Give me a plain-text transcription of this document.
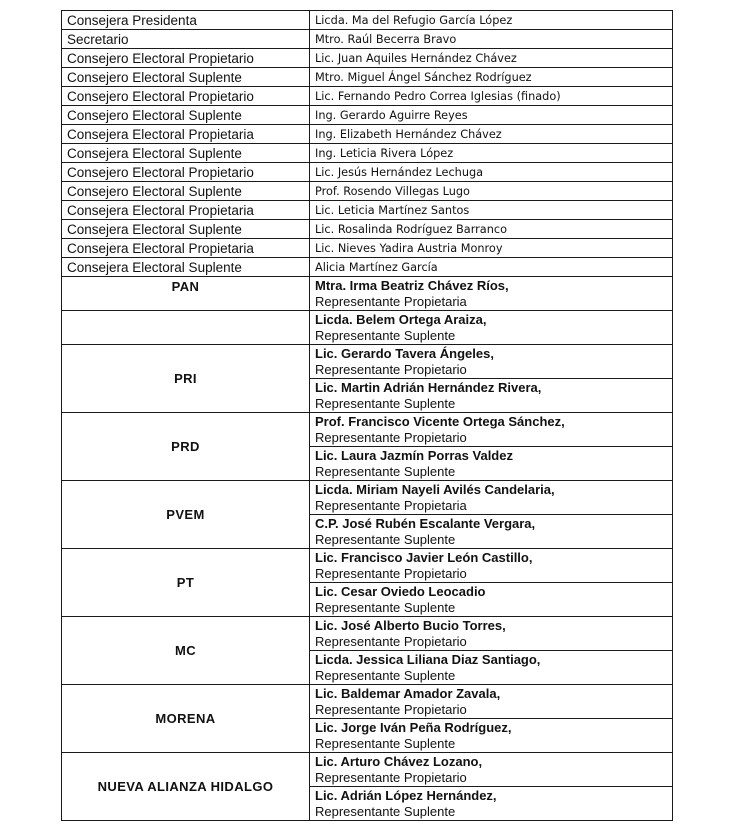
Consejera Presidenta	Licda. Ma del Refugio García López
Secretario	Mtro. Raúl Becerra Bravo
Consejero Electoral Propietario	Lic. Juan Aquiles Hernández Chávez
Consejero Electoral Suplente	Mtro. Miguel Ángel Sánchez Rodríguez
Consejero Electoral Propietario	Lic. Fernando Pedro Correa Iglesias (finado)
Consejero Electoral Suplente	Ing. Gerardo Aguirre Reyes
Consejera Electoral Propietaria	Ing. Elizabeth Hernández Chávez
Consejera Electoral Suplente	Ing. Leticia Rivera López
Consejero Electoral Propietario	Lic. Jesús Hernández Lechuga
Consejero Electoral Suplente	Prof. Rosendo Villegas Lugo
Consejera Electoral Propietaria	Lic. Leticia Martínez Santos
Consejera Electoral Suplente	Lic. Rosalinda Rodríguez Barranco
Consejera Electoral Propietaria	Lic. Nieves Yadira Austria Monroy
Consejera Electoral Suplente	Alicia Martínez García
PAN	Mtra. Irma Beatriz Chávez Ríos,
Representante Propietaria

	Licda. Belem Ortega Araiza,
Representante Suplente

PRI	Lic. Gerardo Tavera Ángeles,
Representante Propietario

	Lic. Martin Adrián Hernández Rivera,
Representante Suplente

PRD	Prof. Francisco Vicente Ortega Sánchez,
Representante Propietario

	Lic. Laura Jazmín Porras Valdez
Representante Suplente

PVEM	Licda. Miriam Nayeli Avilés Candelaria,
Representante Propietaria

	C.P. José Rubén Escalante Vergara,
Representante Suplente

PT	Lic. Francisco Javier León Castillo,
Representante Propietario

	Lic. Cesar Oviedo Leocadio
Representante Suplente

MC	Lic. José Alberto Bucio Torres,
Representante Propietario

	Licda. Jessica Liliana Diaz Santiago,
Representante Suplente

MORENA	Lic. Baldemar Amador Zavala,
Representante Propietario

	Lic. Jorge Iván Peña Rodríguez,
Representante Suplente

NUEVA ALIANZA HIDALGO	Lic. Arturo Chávez Lozano,
Representante Propietario

	Lic. Adrián López Hernández,
Representante Suplente
